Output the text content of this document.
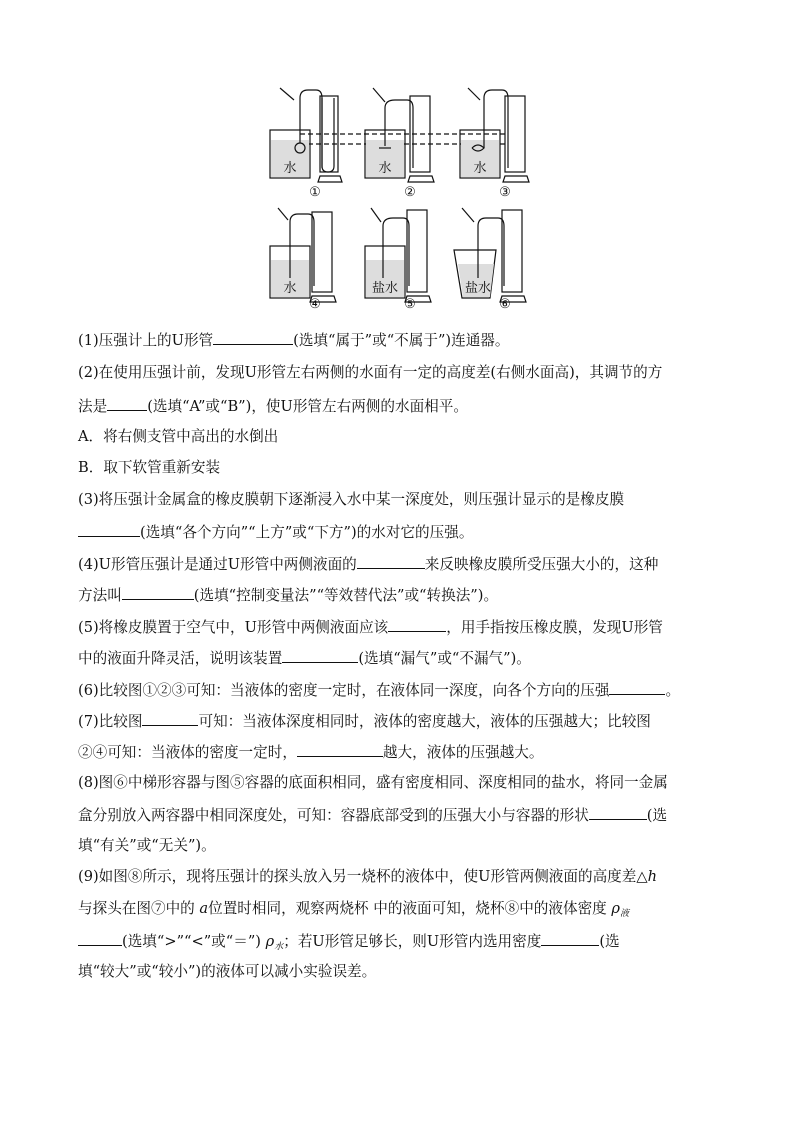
水	水	水
水	盐水	盐水
①	②	③
④	⑤	⑥
(1)压强计上的U形管	(选填“属于”或“不属于”)连通器。
(2)在使用压强计前，发现U形管左右两侧的水面有一定的高度差(右侧水面高)，其调节的方
法是	(选填“A”或“B”)，使U形管左右两侧的水面相平。
A．将右侧支管中高出的水倒出
B．取下软管重新安装
(3)将压强计金属盒的橡皮膜朝下逐渐浸入水中某一深度处，则压强计显示的是橡皮膜
(选填“各个方向”“上方”或“下方”)的水对它的压强。
(4)U形管压强计是通过U形管中两侧液面的	来反映橡皮膜所受压强大小的，这种
方法叫	(选填“控制变量法”“等效替代法”或“转换法”)。
(5)将橡皮膜置于空气中，U形管中两侧液面应该	，用手指按压橡皮膜，发现U形管
中的液面升降灵活，说明该装置	(选填“漏气”或“不漏气”)。
(6)比较图①②③可知：当液体的密度一定时，在液体同一深度，向各个方向的压强	。
(7)比较图	可知：当液体深度相同时，液体的密度越大，液体的压强越大；比较图
②④可知：当液体的密度一定时，	越大，液体的压强越大。
(8)图⑥中梯形容器与图⑤容器的底面积相同，盛有密度相同、深度相同的盐水，将同一金属
盒分别放入两容器中相同深度处，可知：容器底部受到的压强大小与容器的形状	(选
填“有关”或“无关”)。
(9)如图⑧所示，现将压强计的探头放入另一烧杯的液体中，使U形管两侧液面的高度差△h
与探头在图⑦中的 a位置时相同，观察两烧杯 中的液面可知，烧杯⑧中的液体密度 $\rho_液$
(选填“>”“<”或“＝”) $\rho_水$；若U形管足够长，则U形管内选用密度	(选
填“较大”或“较小”)的液体可以减小实验误差。
